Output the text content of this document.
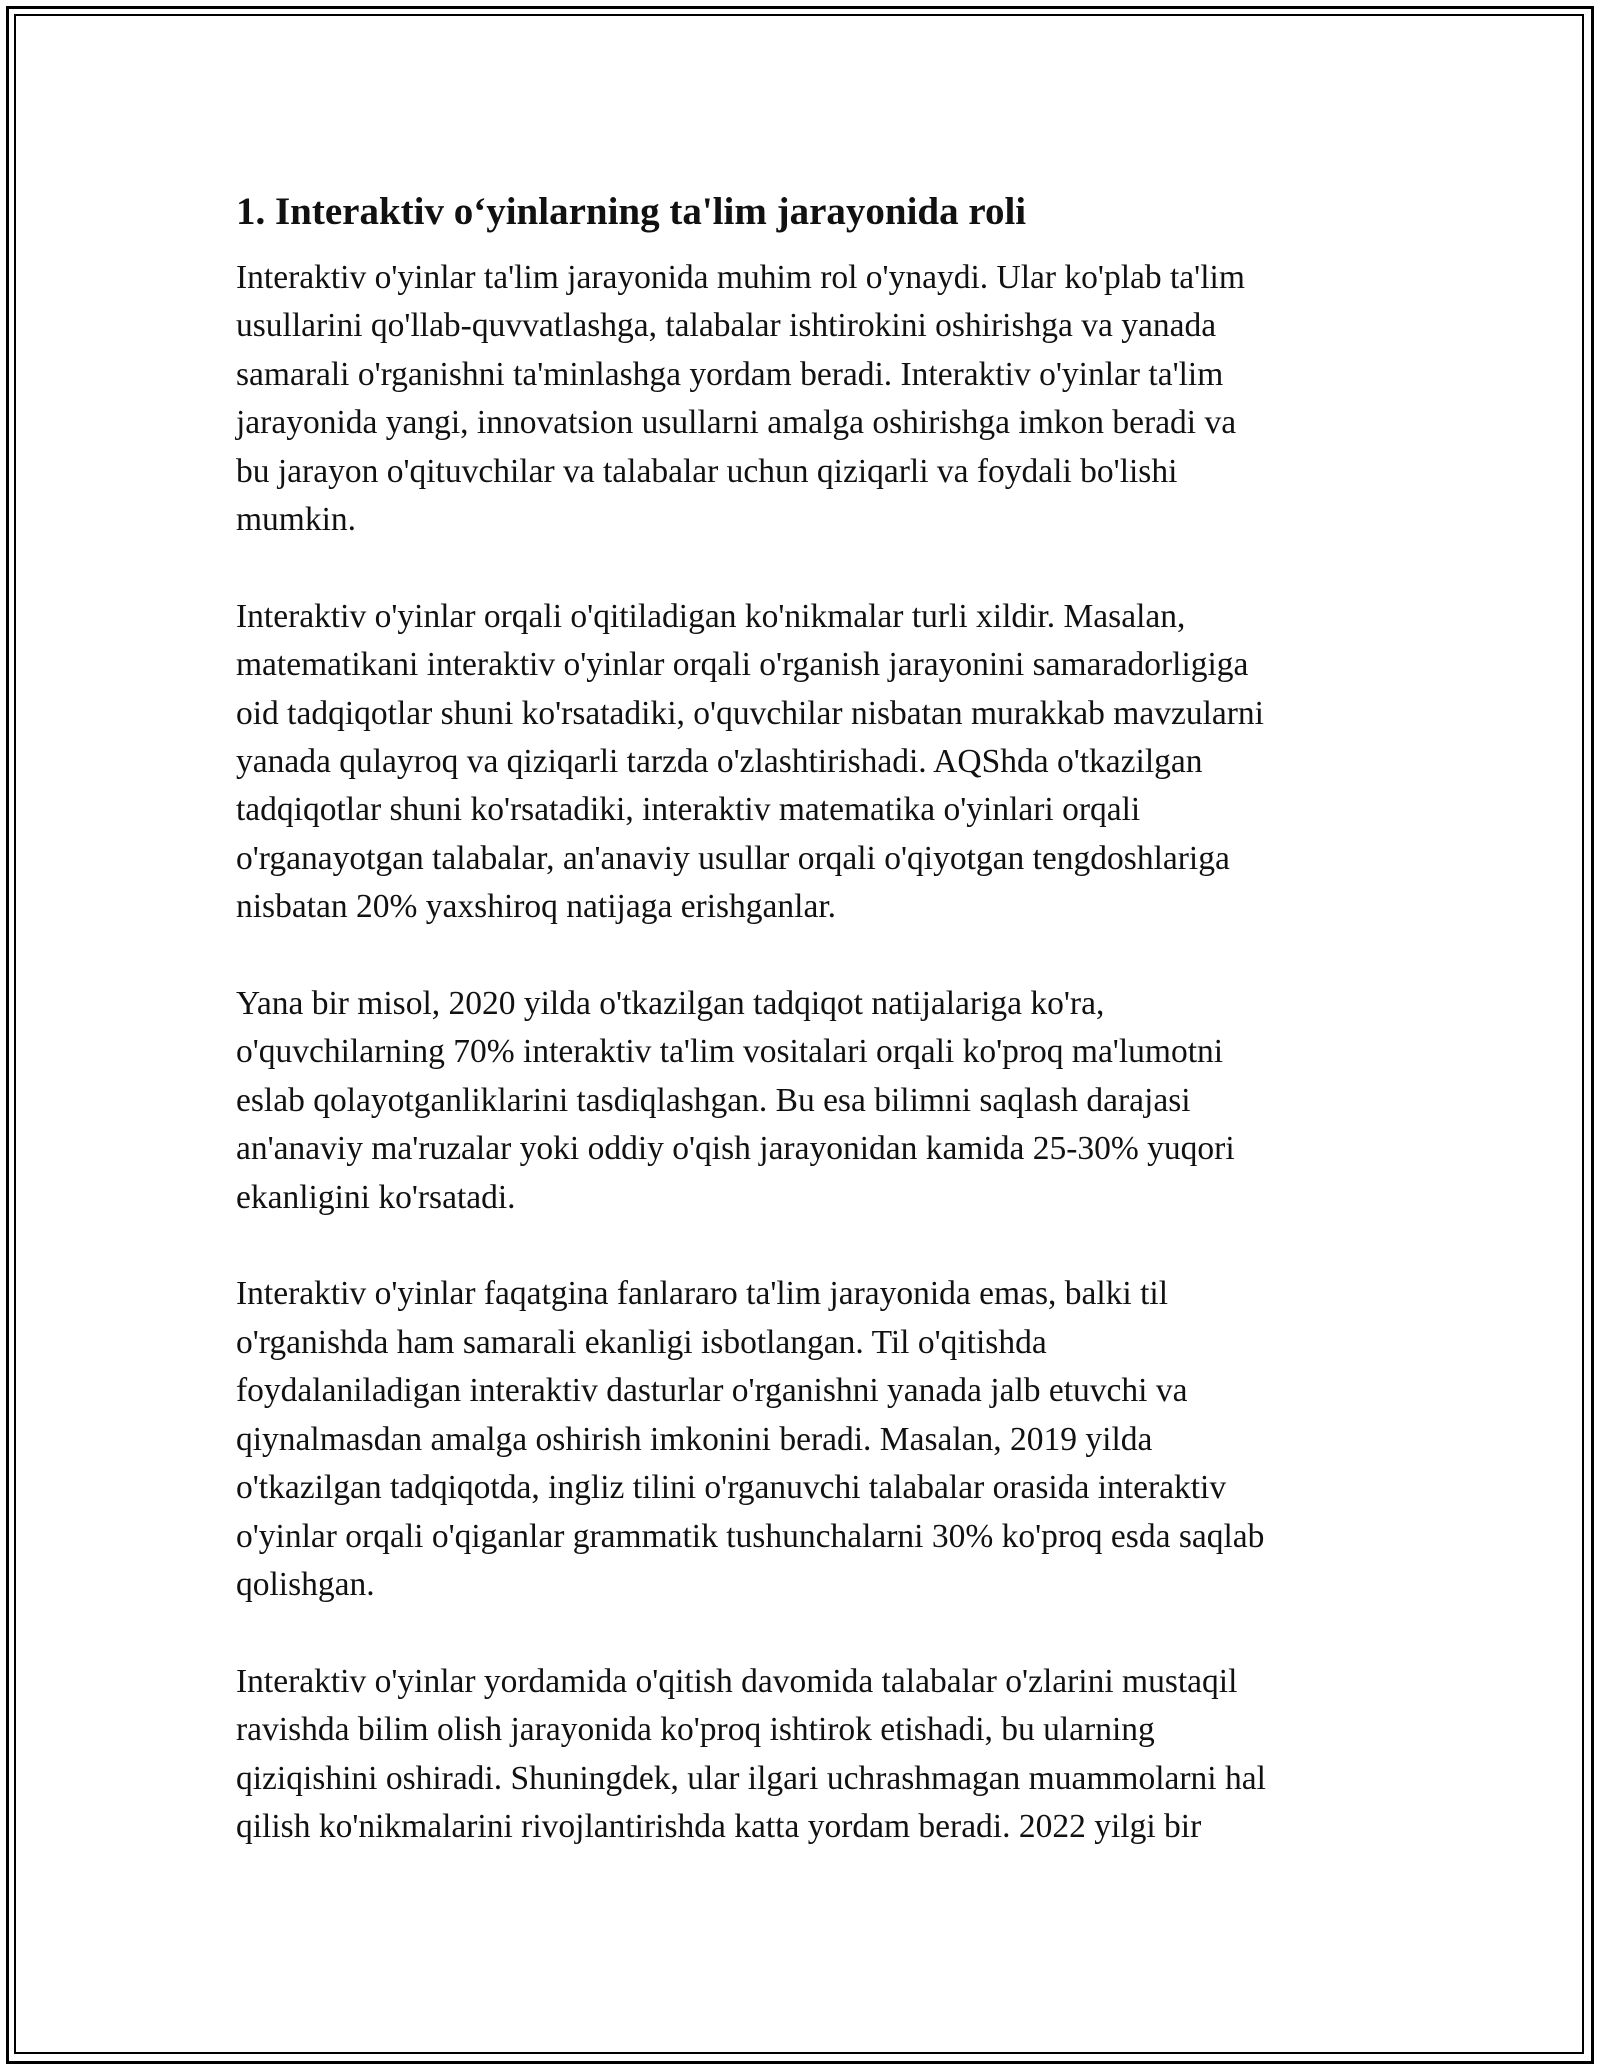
1. Interaktiv o‘yinlarning ta'lim jarayonida roli
Interaktiv o'yinlar ta'lim jarayonida muhim rol o'ynaydi. Ular ko'plab ta'lim
usullarini qo'llab-quvvatlashga, talabalar ishtirokini oshirishga va yanada
samarali o'rganishni ta'minlashga yordam beradi. Interaktiv o'yinlar ta'lim
jarayonida yangi, innovatsion usullarni amalga oshirishga imkon beradi va
bu jarayon o'qituvchilar va talabalar uchun qiziqarli va foydali bo'lishi
mumkin.
Interaktiv o'yinlar orqali o'qitiladigan ko'nikmalar turli xildir. Masalan,
matematikani interaktiv o'yinlar orqali o'rganish jarayonini samaradorligiga
oid tadqiqotlar shuni ko'rsatadiki, o'quvchilar nisbatan murakkab mavzularni
yanada qulayroq va qiziqarli tarzda o'zlashtirishadi. AQShda o'tkazilgan
tadqiqotlar shuni ko'rsatadiki, interaktiv matematika o'yinlari orqali
o'rganayotgan talabalar, an'anaviy usullar orqali o'qiyotgan tengdoshlariga
nisbatan 20% yaxshiroq natijaga erishganlar.
Yana bir misol, 2020 yilda o'tkazilgan tadqiqot natijalariga ko'ra,
o'quvchilarning 70% interaktiv ta'lim vositalari orqali ko'proq ma'lumotni
eslab qolayotganliklarini tasdiqlashgan. Bu esa bilimni saqlash darajasi
an'anaviy ma'ruzalar yoki oddiy o'qish jarayonidan kamida 25-30% yuqori
ekanligini ko'rsatadi.
Interaktiv o'yinlar faqatgina fanlararo ta'lim jarayonida emas, balki til
o'rganishda ham samarali ekanligi isbotlangan. Til o'qitishda
foydalaniladigan interaktiv dasturlar o'rganishni yanada jalb etuvchi va
qiynalmasdan amalga oshirish imkonini beradi. Masalan, 2019 yilda
o'tkazilgan tadqiqotda, ingliz tilini o'rganuvchi talabalar orasida interaktiv
o'yinlar orqali o'qiganlar grammatik tushunchalarni 30% ko'proq esda saqlab
qolishgan.
Interaktiv o'yinlar yordamida o'qitish davomida talabalar o'zlarini mustaqil
ravishda bilim olish jarayonida ko'proq ishtirok etishadi, bu ularning
qiziqishini oshiradi. Shuningdek, ular ilgari uchrashmagan muammolarni hal
qilish ko'nikmalarini rivojlantirishda katta yordam beradi. 2022 yilgi bir
